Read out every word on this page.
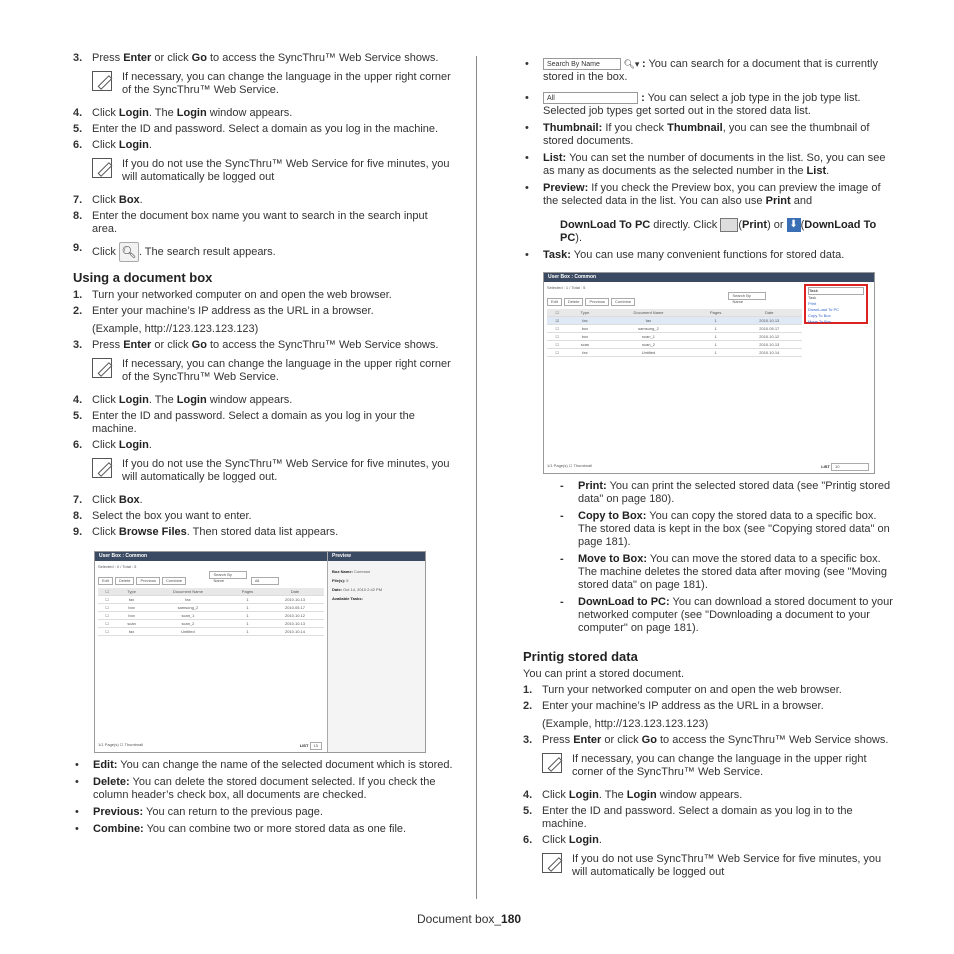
3. Press Enter or click Go to access the SyncThru™ Web Service shows.
If necessary, you can change the language in the upper right corner of the SyncThru™ Web Service.
4. Click Login. The Login window appears.
5. Enter the ID and password. Select a domain as you log in the machine.
6. Click Login.
If you do not use the SyncThru™ Web Service for five minutes, you will automatically be logged out
7. Click Box.
8. Enter the document box name you want to search in the search input area.
9. Click 🔍︎ . The search result appears.
Using a document box
1. Turn your networked computer on and open the web browser.
2. Enter your machine’s IP address as the URL in a browser.
(Example, http://123.123.123.123)
3. Press Enter or click Go to access the SyncThru™ Web Service shows.
If necessary, you can change the language in the upper right corner of the SyncThru™ Web Service.
4. Click Login. The Login window appears.
5. Enter the ID and password. Select a domain as you log in your the machine.
6. Click Login.
If you do not use the SyncThru™ Web Service for five minutes, you will automatically be logged out.
7. Click Box.
8. Select the box you want to enter.
9. Click Browse Files. Then stored data list appears.
User Box : Common
Selected : 0 / Total : 5
Edit	Delete	Previous	Combine Search By Name	All
☐	Type	Document Name	Pages	Date
☐	fax	fax	1	2010.10.13
☐	box	samsung_2	1	2010.05.17
☐	box	scan_1	1	2010.10.12
☐	scan	scan_2	1	2010.10.13
☐	fax	Untitled	1	2010.10.14
1/1 Page(s) ☐ Thumbnail	LIST 15
Preview
Box Name: Common
File(s): 5
Date: Oct 14, 2010 2:42 PM
Available Tasks:
•	Edit: You can change the name of the selected document which is stored.
•	Delete: You can delete the stored document selected. If you check the column header’s check box, all documents are checked.
•	Previous: You can return to the previous page.
•	Combine: You can combine two or more stored data as one file.
•	Search By Name 🔍︎▾ : You can search for a document that is currently stored in the box.
•	All	: You can select a job type in the job type list. Selected job types get sorted out in the stored data list.
•	Thumbnail: If you check Thumbnail, you can see the thumbnail of stored documents.
•	List: You can set the number of documents in the list. So, you can see as many as documents as the selected number in the List.
•	Preview: If you check the Preview box, you can preview the image of the selected data in the list. You can also use Print and
DownLoad To PC directly. Click (Print) or ⬇ (DownLoad To PC).
•	Task: You can use many convenient functions for stored data.
User Box : Common
Selected : 1 / Total : 5
Edit	Delete	Previous	Combine Search By Name
☐	Type	Document Name	Pages	Date
☑	fax	fax	1	2010.10.13
☐	box	samsung_2	1	2010.05.17
☐	box	scan_1	1	2010.10.12
☐	scan	scan_2	1	2010.10.13
☐	fax	Untitled	1	2010.10.14
Task
Task
Print
DownLoad To PC
Copy To Box
Move To Box
1/1 Page(s) ☐ Thumbnail	LIST 10
-	Print: You can print the selected stored data (see "Printig stored data" on page 180).
-	Copy to Box: You can copy the stored data to a specific box. The stored data is kept in the box (see "Copying stored data" on page 181).
-	Move to Box: You can move the stored data to a specific box. The machine deletes the stored data after moving (see "Moving stored data" on page 181).
-	DownLoad to PC: You can download a stored document to your networked computer (see "Downloading a document to your computer" on page 181).
Printig stored data
You can print a stored document.
1. Turn your networked computer on and open the web browser.
2. Enter your machine’s IP address as the URL in a browser.
(Example, http://123.123.123.123)
3. Press Enter or click Go to access the SyncThru™ Web Service shows.
If necessary, you can change the language in the upper right corner of the SyncThru™ Web Service.
4. Click Login. The Login window appears.
5. Enter the ID and password. Select a domain as you log in to the machine.
6. Click Login.
If you do not use SyncThru™ Web Service for five minutes, you will automatically be logged out
Document box_180
